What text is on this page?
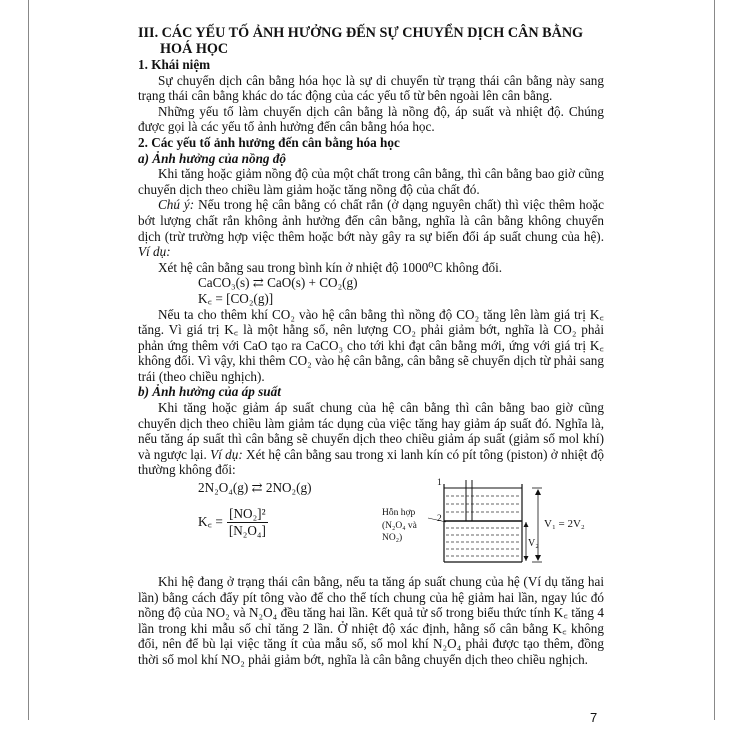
III. CÁC YẾU TỐ ẢNH HƯỞNG ĐẾN SỰ CHUYỂN DỊCH CÂN BẰNG
HOÁ HỌC

1. Khái niệm

Sự chuyển dịch cân bằng hóa học là sự di chuyển từ trạng thái cân bằng này sang trạng thái cân bằng khác do tác động của các yếu tố từ bên ngoài lên cân bằng.

Những yếu tố làm chuyển dịch cân bằng là nồng độ, áp suất và nhiệt độ. Chúng được gọi là các yếu tố ảnh hưởng đến cân bằng hóa học.

2. Các yếu tố ảnh hưởng đến cân bằng hóa học

a) Ảnh hưởng của nồng độ

Khi tăng hoặc giảm nồng độ của một chất trong cân bằng, thì cân bằng bao giờ cũng chuyển dịch theo chiều làm giảm hoặc tăng nồng độ của chất đó.

Chú ý: Nếu trong hệ cân bằng có chất rắn (ở dạng nguyên chất) thì việc thêm hoặc bớt lượng chất rắn không ảnh hưởng đến cân bằng, nghĩa là cân bằng không chuyển dịch (trừ trường hợp việc thêm hoặc bớt này gây ra sự biến đổi áp suất chung của hệ). Ví dụ:

Xét hệ cân bằng sau trong bình kín ở nhiệt độ 1000⁰C không đổi.

CaCO₃(s) ⇄ CaO(s) + CO₂(g)

K꜀ = [CO₂(g)]

Nếu ta cho thêm khí CO₂ vào hệ cân bằng thì nồng độ CO₂ tăng lên làm giá trị K꜀ tăng. Vì giá trị K꜀ là một hằng số, nên lượng CO₂ phải giảm bớt, nghĩa là CO₂ phải phản ứng thêm với CaO tạo ra CaCO₃ cho tới khi đạt cân bằng mới, ứng với giá trị K꜀ không đổi. Vì vậy, khi thêm CO₂ vào hệ cân bằng, cân bằng sẽ chuyển dịch từ phải sang trái (theo chiều nghịch).

b) Ảnh hưởng của áp suất

Khi tăng hoặc giảm áp suất chung của hệ cân bằng thì cân bằng bao giờ cũng chuyển dịch theo chiều làm giảm tác dụng của việc tăng hay giảm áp suất đó. Nghĩa là, nếu tăng áp suất thì cân bằng sẽ chuyển dịch theo chiều giảm áp suất (giảm số mol khí) và ngược lại. Ví dụ: Xét hệ cân bằng sau trong xi lanh kín có pít tông (piston) ở nhiệt độ thường không đổi:

2N₂O₄(g) ⇄ 2NO₂(g)
K꜀ = $\frac{\text{[NO₂]²}}{\text{[N₂O₄]}}$
1
2
Hỗn hợp
(N₂O₄ và
NO₂)
V₁ = 2V₂
V₂

Khi hệ đang ở trạng thái cân bằng, nếu ta tăng áp suất chung của hệ (Ví dụ tăng hai lần) bằng cách đẩy pít tông vào để cho thể tích chung của hệ giảm hai lần, ngay lúc đó nồng độ của NO₂ và N₂O₄ đều tăng hai lần. Kết quả tử số trong biểu thức tính K꜀ tăng 4 lần trong khi mẫu số chỉ tăng 2 lần. Ở nhiệt độ xác định, hằng số cân bằng K꜀ không đổi, nên để bù lại việc tăng ít của mẫu số, số mol khí N₂O₄ phải được tạo thêm, đồng thời số mol khí NO₂ phải giảm bớt, nghĩa là cân bằng chuyển dịch theo chiều nghịch.

7
